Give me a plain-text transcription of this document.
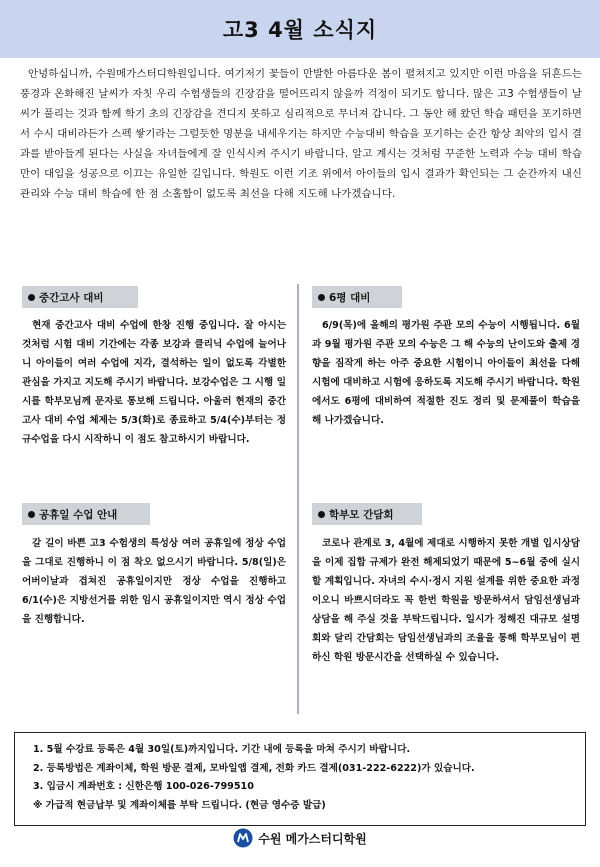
고3 4월 소식지

안녕하십니까, 수원메가스터디학원입니다. 여기저기 꽃들이 만발한 아름다운 봄이 펼쳐지고 있지만 이런 마음을 뒤흔드는 풍경과 온화해진 날씨가 자칫 우리 수험생들의 긴장감을 떨어뜨리지 않을까 걱정이 되기도 합니다. 많은 고3 수험생들이 날씨가 풀리는 것과 함께 학기 초의 긴장감을 견디지 못하고 심리적으로 무너져 갑니다. 그 동안 해 왔던 학습 패턴을 포기하면서 수시 대비라든가 스펙 쌓기라는 그럴듯한 명분을 내세우기는 하지만 수능대비 학습을 포기하는 순간 항상 최악의 입시 결과를 받아들게 된다는 사실을 자녀들에게 잘 인식시켜 주시기 바랍니다. 알고 계시는 것처럼 꾸준한 노력과 수능 대비 학습만이 대입을 성공으로 이끄는 유일한 길입니다. 학원도 이런 기조 위에서 아이들의 입시 결과가 확인되는 그 순간까지 내신 관리와 수능 대비 학습에 한 점 소홀함이 없도록 최선을 다해 지도해 나가겠습니다.

중간고사 대비

현재 중간고사 대비 수업에 한창 진행 중입니다. 잘 아시는 것처럼 시험 대비 기간에는 각종 보강과 클리닉 수업에 늘어나니 아이들이 여러 수업에 지각, 결석하는 일이 없도록 각별한 관심을 가지고 지도해 주시기 바랍니다. 보강수업은 그 시행 일시를 학부모님께 문자로 통보해 드립니다. 아울러 현재의 중간고사 대비 수업 체제는 5/3(화)로 종료하고 5/4(수)부터는 정규수업을 다시 시작하니 이 점도 참고하시기 바랍니다.

공휴일 수업 안내

갈 길이 바쁜 고3 수험생의 특성상 여러 공휴일에 정상 수업을 그대로 진행하니 이 점 착오 없으시기 바랍니다. 5/8(일)은 어버이날과 겹쳐진 공휴일이지만 정상 수업을 진행하고 6/1(수)은 지방선거를 위한 임시 공휴일이지만 역시 정상 수업을 진행합니다.

6평 대비

6/9(목)에 올해의 평가원 주관 모의 수능이 시행됩니다. 6월과 9월 평가원 주관 모의 수능은 그 해 수능의 난이도와 출제 경향을 짐작게 하는 아주 중요한 시험이니 아이들이 최선을 다해 시험에 대비하고 시험에 응하도록 지도해 주시기 바랍니다. 학원에서도 6평에 대비하여 적절한 진도 정리 및 문제풀이 학습을 해 나가겠습니다.

학부모 간담회

코로나 관계로 3, 4월에 제대로 시행하지 못한 개별 입시상담을 이제 집합 규제가 완전 해제되었기 때문에 5~6월 중에 실시할 계획입니다. 자녀의 수시·정시 지원 설계를 위한 중요한 과정이오니 바쁘시더라도 꼭 한번 학원을 방문하셔서 담임선생님과 상담을 해 주실 것을 부탁드립니다. 일시가 정해진 대규모 설명회와 달리 간담회는 담임선생님과의 조율을 통해 학부모님이 편하신 학원 방문시간을 선택하실 수 있습니다.

1. 5월 수강료 등록은 4월 30일(토)까지입니다. 기간 내에 등록을 마쳐 주시기 바랍니다.
2. 등록방법은 계좌이체, 학원 방문 결제, 모바일앱 결제, 전화 카드 결제(031-222-6222)가 있습니다.
3. 입금시 계좌번호 : 신한은행 100-026-799510
※ 가급적 현금납부 및 계좌이체를 부탁 드립니다. (현금 영수증 발급)
수원 메가스터디학원
